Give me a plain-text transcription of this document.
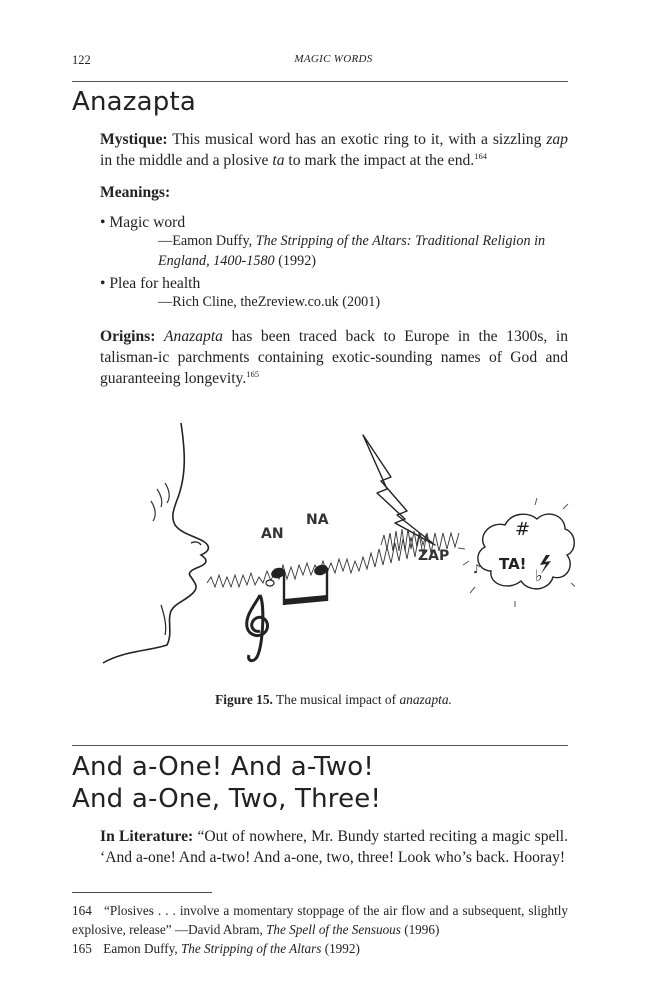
122	MAGIC WORDS
Anazapta
Mystique: This musical word has an exotic ring to it, with a sizzling zap in the middle and a plosive ta to mark the impact at the end.$^{164}$
Meanings:
• Magic word
—Eamon Duffy, The Stripping of the Altars: Traditional Religion in England, 1400-1580 (1992)
• Plea for health
—Rich Cline, theZreview.co.uk (2001)
Origins: Anazapta has been traced back to Europe in the 1300s, in talisman-ic parchments containing exotic-sounding names of God and guaranteeing longevity.$^{165}$
#
♭
♪
AN
NA
ZAP	TA!
Figure 15. The musical impact of anazapta.
And a-One! And a-Two!
And a-One, Two, Three!
In Literature: “Out of nowhere, Mr. Bundy started reciting a magic spell. ‘And a-one! And a-two! And a-one, two, three! Look who’s back. Hooray!
164 “Plosives . . . involve a momentary stoppage of the air flow and a subsequent, slightly explosive, release” —David Abram, The Spell of the Sensuous (1996)
165 Eamon Duffy, The Stripping of the Altars (1992)
